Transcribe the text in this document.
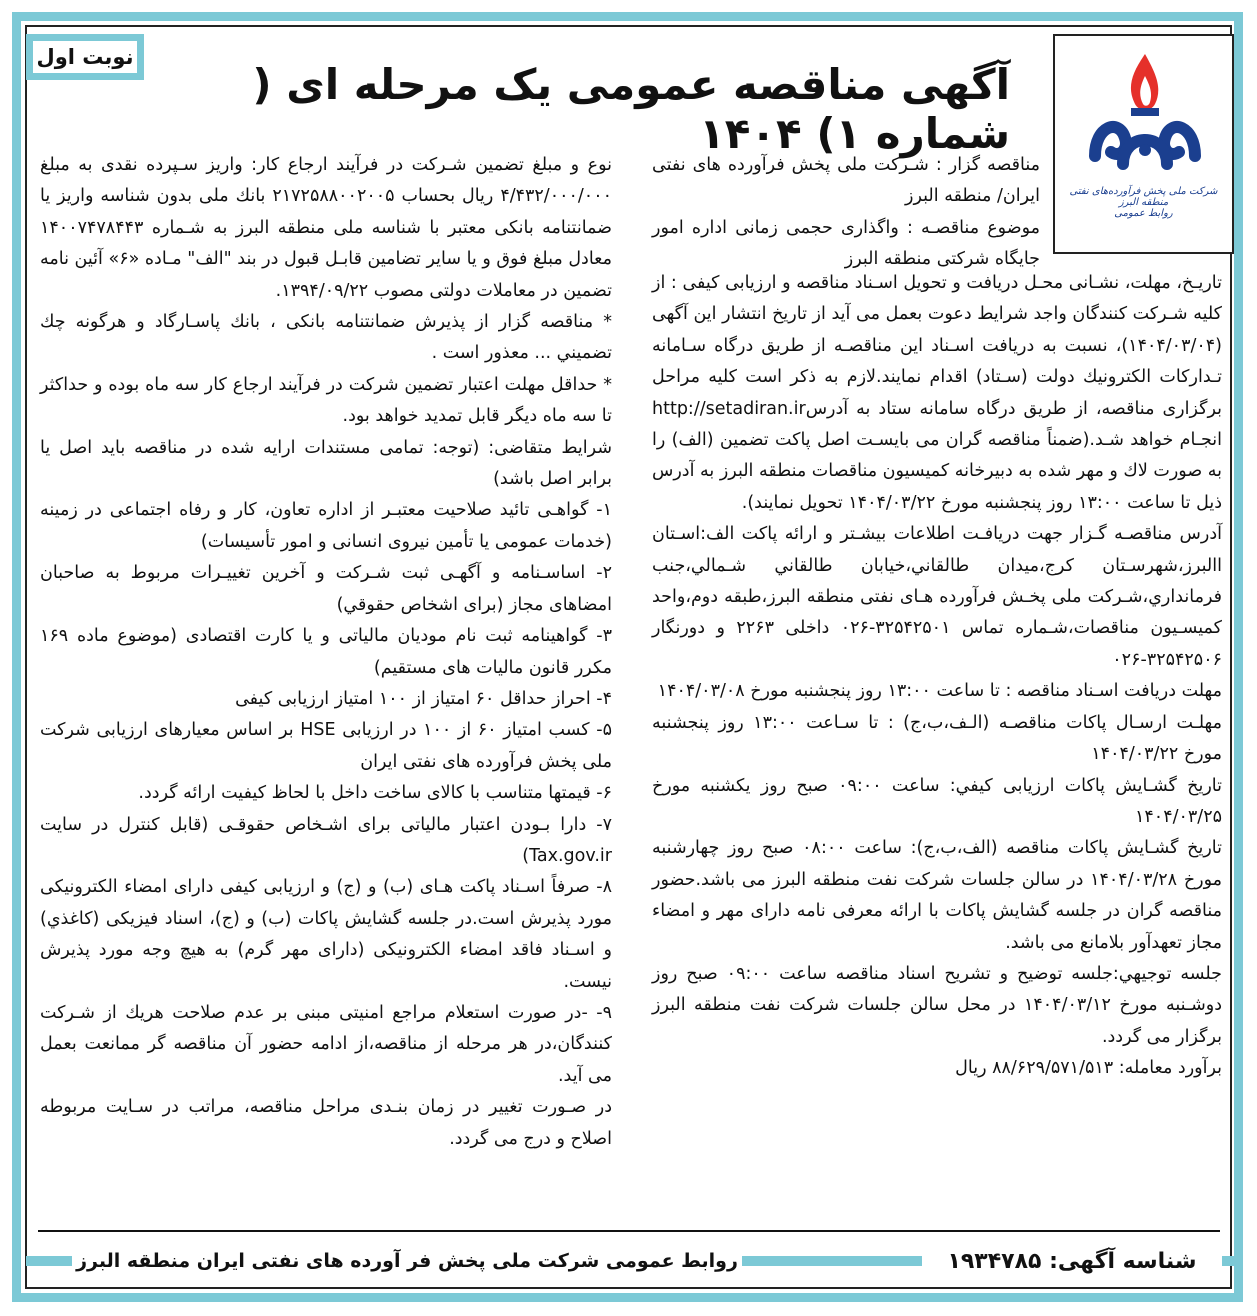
نوبت اول
آگهی مناقصه عمومی یک مرحله ای ( شماره ۱) ۱۴۰۴
شرکت ملی پخش فرآورده‌های نفتی منطقه البرز
روابط عمومی

مناقصه گزار : شـرکت ملی پخش فرآورده های نفتی ایران/ منطقه البرز

موضوع مناقصـه : واگذاری حجمی زمانی اداره امور جایگاه شرکتی منطقه البرز

تاریـخ، مهلت، نشـانی محـل دریافت و تحویل اسـناد مناقصه و ارزیابی کیفی : از کلیه شـرکت کنندگان واجد شرایط دعوت بعمل می آید از تاریخ انتشار این آگهی (۱۴۰۴/۰۳/۰۴)، نسبت به دریافت اسـناد این مناقصـه از طریق درگاه سـامانه تـدارکات الکترونیك دولت (سـتاد) اقدام نمایند.لازم به ذکر است کلیه مراحل برگزاری مناقصه، از طریق درگاه سامانه ستاد به آدرسhttp://setadiran.ir انجـام خواهد شـد.(ضمناً مناقصه گران می بایسـت اصل پاکت تضمین (الف) را به صورت لاك و مهر شده به دبیرخانه کمیسیون مناقصات منطقه البرز به آدرس ذیل تا ساعت ۱۳:۰۰ روز پنجشنبه مورخ ۱۴۰۴/۰۳/۲۲ تحویل نمایند).

آدرس مناقصـه گـزار جهت دریافـت اطلاعات بیشـتر و ارائه پاکت الف:اسـتان االبرز،شهرسـتان کرج،میدان طالقاني،خیابان طالقاني شـمالي،جنب فرمانداري،شـرکت ملی پخـش فرآورده هـای نفتی منطقه البرز،طبقه دوم،واحد کمیسـیون مناقصات،شـماره تماس ۳۲۵۴۲۵۰۱-۰۲۶ داخلی ۲۲۶۳ و دورنگار ۳۲۵۴۲۵۰۶-۰۲۶

مهلت دریافت اسـناد مناقصه : تا ساعت ۱۳:۰۰ روز پنجشنبه مورخ ۱۴۰۴/۰۳/۰۸

مهلـت ارسـال پاکات مناقصـه (الـف،ب،ج) : تا سـاعت ۱۳:۰۰ روز پنجشنبه مورخ ۱۴۰۴/۰۳/۲۲

تاریخ گشـایش پاکات ارزیابی کیفي: ساعت ۰۹:۰۰ صبح روز یکشنبه مورخ ۱۴۰۴/۰۳/۲۵

تاریخ گشـایش پاکات مناقصه (الف،ب،ج): ساعت ۰۸:۰۰ صبح روز چهارشنبه مورخ ۱۴۰۴/۰۳/۲۸ در سالن جلسات شرکت نفت منطقه البرز می باشد.حضور مناقصه گران در جلسه گشایش پاکات با ارائه معرفی نامه دارای مهر و امضاء مجاز تعهدآور بلامانع می باشد.

جلسه توجیهي:جلسه توضیح و تشریح اسناد مناقصه ساعت ۰۹:۰۰ صبح روز دوشـنبه مورخ ۱۴۰۴/۰۳/۱۲ در محل سالن جلسات شرکت نفت منطقه البرز برگزار می گردد.

برآورد معامله: ۸۸/۶۲۹/۵۷۱/۵۱۳ ریال

نوع و مبلغ تضمین شـرکت در فرآیند ارجاع کار: واریز سـپرده نقدی به مبلغ ۴/۴۳۲/۰۰۰/۰۰۰ ریال بحساب ۲۱۷۲۵۸۸۰۰۲۰۰۵ بانك ملی بدون شناسه واریز یا ضمانتنامه بانکی معتبر با شناسه ملی منطقه البرز به شـماره ۱۴۰۰۷۴۷۸۴۴۳ معادل مبلغ فوق و یا سایر تضامین قابـل قبول در بند "الف" مـاده «۶» آئین نامه تضمین در معاملات دولتی مصوب ۱۳۹۴/۰۹/۲۲.

* مناقصه گزار از پذیرش ضمانتنامه بانکی ، بانك پاسـارگاد و هرگونه چك تضمیني ... معذور است .

* حداقل مهلت اعتبار تضمین شرکت در فرآیند ارجاع کار سه ماه بوده و حداکثر تا سه ماه دیگر قابل تمدید خواهد بود.

شرایط متقاضی: (توجه: تمامی مستندات ارایه شده در مناقصه باید اصل یا برابر اصل باشد)

۱- گواهـی تائید صلاحیت معتبـر از اداره تعاون، کار و رفاه اجتماعی در زمینه (خدمات عمومی یا تأمین نیروی انسانی و امور تأسیسات)

۲- اساسـنامه و آگهـی ثبت شـرکت و آخرین تغییـرات مربوط به صاحبان امضاهای مجاز (برای اشخاص حقوقي)

۳- گواهینامه ثبت نام مودیان مالیاتی و یا کارت اقتصادی (موضوع ماده ۱۶۹ مکرر قانون مالیات های مستقیم)

۴- احراز حداقل ۶۰ امتیاز از ۱۰۰ امتیاز ارزیابی کیفی

۵- کسب امتیاز ۶۰ از ۱۰۰ در ارزیابی HSE بر اساس معیارهای ارزیابی شرکت ملی پخش فرآورده های نفتی ایران

۶- قیمتها متناسب با کالای ساخت داخل با لحاظ کیفیت ارائه گردد.

۷- دارا بـودن اعتبار مالیاتی برای اشـخاص حقوقـی (قابل کنترل در سایت Tax.gov.ir)

۸- صرفاً اسـناد پاکت هـای (ب) و (ج) و ارزیابی کیفی دارای امضاء الکترونیکی مورد پذیرش است.در جلسه گشایش پاکات (ب) و (ج)، اسناد فیزیکی (کاغذي) و اسـناد فاقد امضاء الکترونیکی (دارای مهر گرم) به هیچ وجه مورد پذیرش نیست.

۹- -در صورت استعلام مراجع امنیتی مبنی بر عدم صلاحت هریك از شـرکت کنندگان،در هر مرحله از مناقصه،از ادامه حضور آن مناقصه گر ممانعت بعمل می آید.

در صـورت تغییر در زمان بنـدی مراحل مناقصه، مراتب در سـایت مربوطه اصلاح و درج می گردد.

روابط عمومی شرکت ملی پخش فر آورده های نفتی ایران منطقه البرز	شناسه آگهی: ۱۹۳۴۷۸۵
